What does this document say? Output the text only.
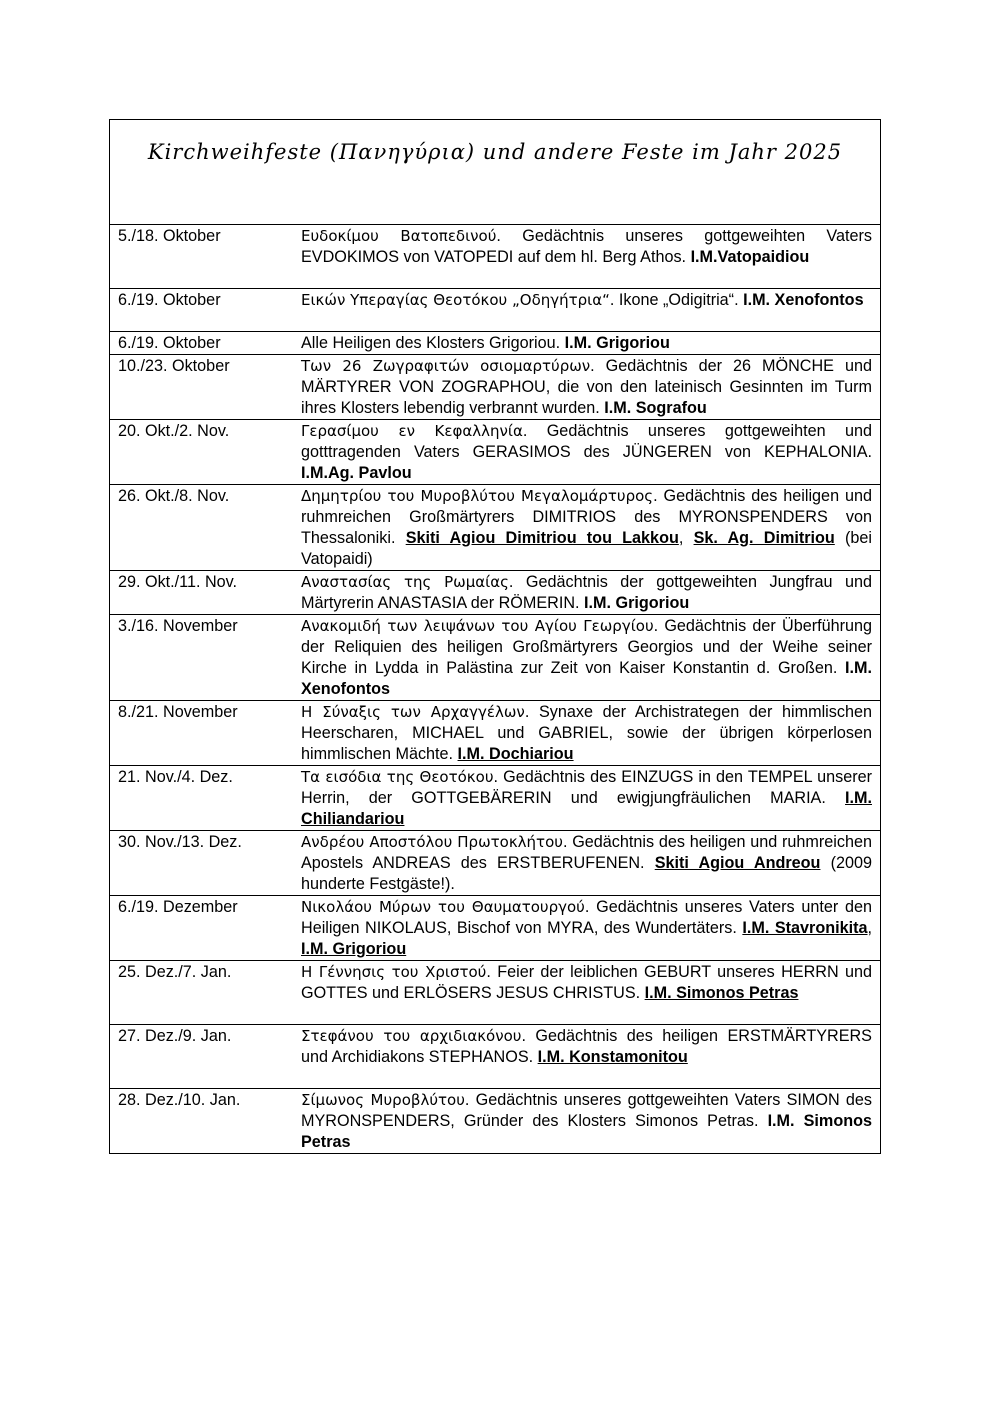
Kirchweihfeste (Πανηγύρια) und andere Feste im Jahr 2025
5./18. Oktober	Ευδοκίμου Βατοπεδινού. Gedächtnis unseres gottgeweihten Vaters EVDOKIMOS von VATOPEDI auf dem hl. Berg Athos. I.M.Vatopaidiou
6./19. Oktober	Εικών Υπεραγίας Θεοτόκου „Οδηγήτρια“. Ikone „Odigitria“. I.M. Xenofontos
6./19. Oktober	Alle Heiligen des Klosters Grigoriou. I.M. Grigoriou
10./23. Oktober	Των 26 Ζωγραφιτών οσιομαρτύρων. Gedächtnis der 26 MÖNCHE und MÄRTYRER VON ZOGRAPHOU, die von den lateinisch Gesinnten im Turm ihres Klosters lebendig verbrannt wurden. I.M. Sografou
20. Okt./2. Nov.	Γερασίμου εν Κεφαλληνία. Gedächtnis unseres gottgeweihten und gotttragenden Vaters GERASIMOS des JÜNGEREN von KEPHALONIA. I.M.Ag. Pavlou
26. Okt./8. Nov.	Δημητρίου του Μυροβλύτου Μεγαλομάρτυρος. Gedächtnis des heiligen und ruhmreichen Großmärtyrers DIMITRIOS des MYRONSPENDERS von Thessaloniki. Skiti Agiou Dimitriou tou Lakkou, Sk. Ag. Dimitriou (bei Vatopaidi)
29. Okt./11. Nov.	Αναστασίας της Ρωμαίας. Gedächtnis der gottgeweihten Jungfrau und Märtyrerin ANASTASIA der RÖMERIN. I.M. Grigoriou
3./16. November	Ανακομιδή των λειψάνων του Αγίου Γεωργίου. Gedächtnis der Überführung der Reliquien des heiligen Großmärtyrers Georgios und der Weihe seiner Kirche in Lydda in Palästina zur Zeit von Kaiser Konstantin d. Großen. I.M. Xenofontos
8./21. November	Η Σύναξις των Αρχαγγέλων. Synaxe der Archistrategen der himmlischen Heerscharen, MICHAEL und GABRIEL, sowie der übrigen körperlosen himmlischen Mächte. I.M. Dochiariou
21. Nov./4. Dez.	Τα εισόδια της Θεοτόκου. Gedächtnis des EINZUGS in den TEMPEL unserer Herrin, der GOTTGEBÄRERIN und ewigjungfräulichen MARIA. I.M. Chiliandariou
30. Nov./13. Dez.	Ανδρέου Αποστόλου Πρωτοκλήτου. Gedächtnis des heiligen und ruhmreichen Apostels ANDREAS des ERSTBERUFENEN. Skiti Agiou Andreou (2009 hunderte Festgäste!).
6./19. Dezember	Νικολάου Μύρων του Θαυματουργού. Gedächtnis unseres Vaters unter den Heiligen NIKOLAUS, Bischof von MYRA, des Wundertäters. I.M. Stavronikita, I.M. Grigoriou
25. Dez./7. Jan.	Η Γέννησις του Χριστού. Feier der leiblichen GEBURT unseres HERRN und GOTTES und ERLÖSERS JESUS CHRISTUS. I.M. Simonos Petras
27. Dez./9. Jan.	Στεφάνου του αρχιδιακόνου. Gedächtnis des heiligen ERSTMÄRTYRERS und Archidiakons STEPHANOS. I.M. Konstamonitou
28. Dez./10. Jan.	Σίμωνος Μυροβλύτου. Gedächtnis unseres gottgeweihten Vaters SIMON des MYRONSPENDERS, Gründer des Klosters Simonos Petras. I.M. Simonos Petras
